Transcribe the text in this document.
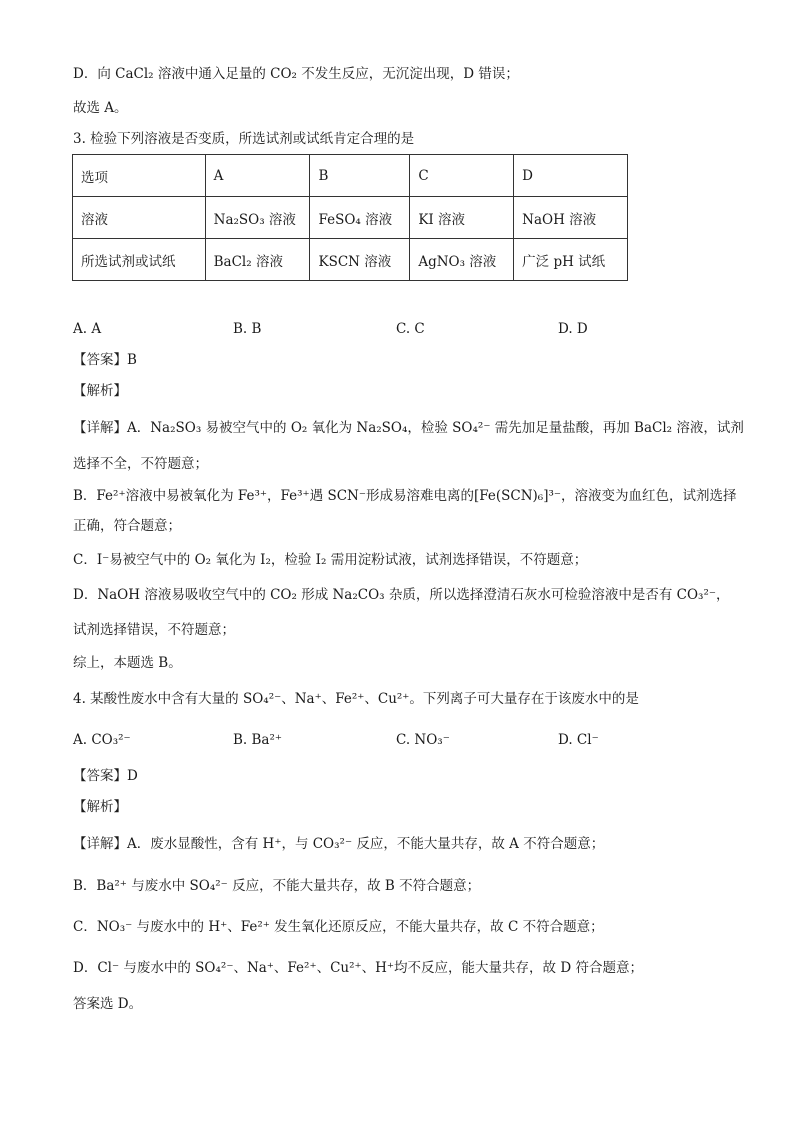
D．向 CaCl₂ 溶液中通入足量的 CO₂ 不发生反应，无沉淀出现，D 错误；
故选 A。
3. 检验下列溶液是否变质，所选试剂或试纸肯定合理的是
选项	A	B	C	D
溶液	Na₂SO₃ 溶液	FeSO₄ 溶液	KI 溶液	NaOH 溶液
所选试剂或试纸	BaCl₂ 溶液	KSCN 溶液	AgNO₃ 溶液	广泛 pH 试纸
A. A	B. B	C. C	D. D
【答案】B
【解析】
【详解】A．Na₂SO₃ 易被空气中的 O₂ 氧化为 Na₂SO₄，检验 SO₄²⁻ 需先加足量盐酸，再加 BaCl₂ 溶液，试剂
选择不全，不符题意；
B．Fe²⁺溶液中易被氧化为 Fe³⁺，Fe³⁺遇 SCN⁻形成易溶难电离的[Fe(SCN)₆]³⁻，溶液变为血红色，试剂选择
正确，符合题意；
C．I⁻易被空气中的 O₂ 氧化为 I₂，检验 I₂ 需用淀粉试液，试剂选择错误，不符题意；
D．NaOH 溶液易吸收空气中的 CO₂ 形成 Na₂CO₃ 杂质，所以选择澄清石灰水可检验溶液中是否有 CO₃²⁻，
试剂选择错误，不符题意；
综上，本题选 B。
4. 某酸性废水中含有大量的 SO₄²⁻、Na⁺、Fe²⁺、Cu²⁺。下列离子可大量存在于该废水中的是
A. CO₃²⁻	B. Ba²⁺	C. NO₃⁻	D. Cl⁻
【答案】D
【解析】
【详解】A．废水显酸性，含有 H⁺，与 CO₃²⁻ 反应，不能大量共存，故 A 不符合题意；
B．Ba²⁺ 与废水中 SO₄²⁻ 反应，不能大量共存，故 B 不符合题意；
C．NO₃⁻ 与废水中的 H⁺、Fe²⁺ 发生氧化还原反应，不能大量共存，故 C 不符合题意；
D．Cl⁻ 与废水中的 SO₄²⁻、Na⁺、Fe²⁺、Cu²⁺、H⁺均不反应，能大量共存，故 D 符合题意；
答案选 D。
